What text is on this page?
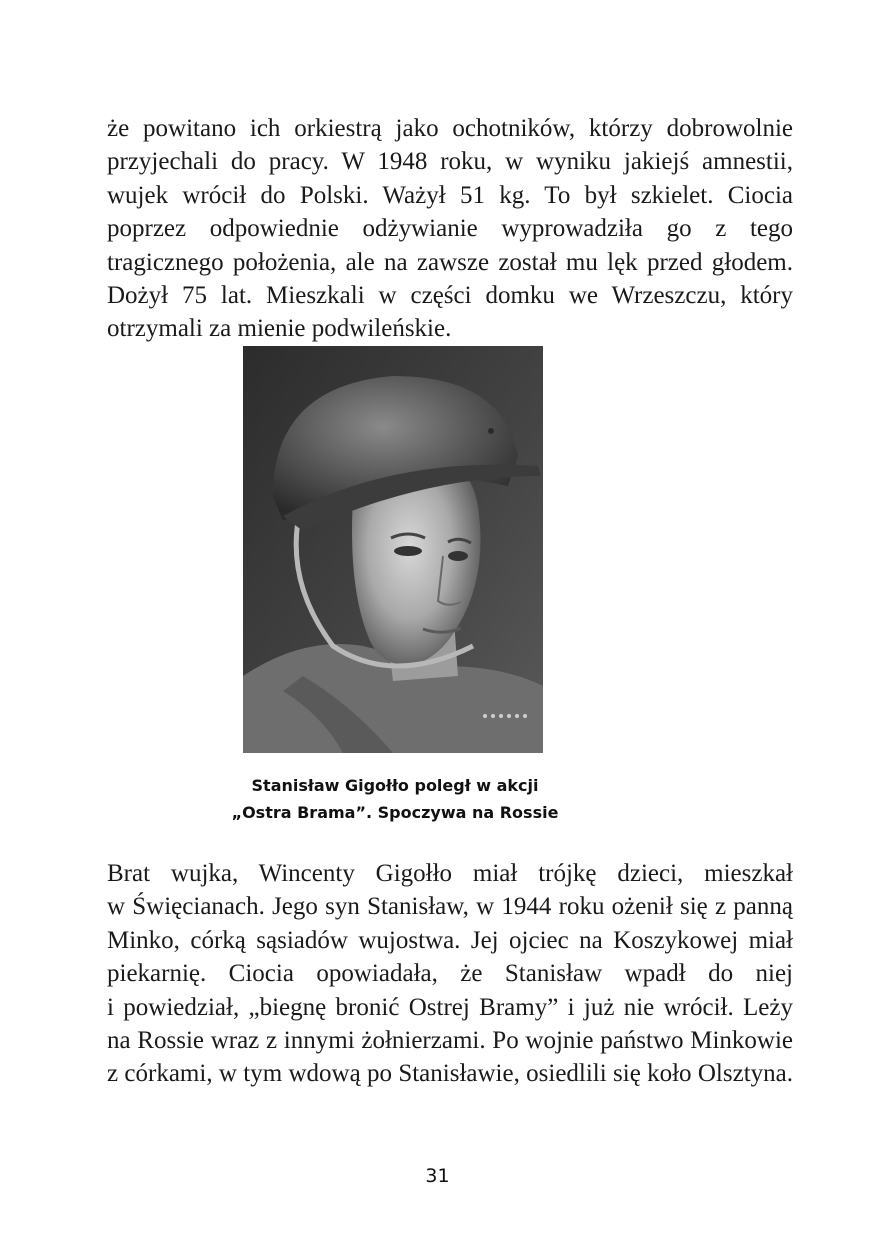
że powitano ich orkiestrą jako ochotników, którzy dobrowolnie
przyjechali do pracy. W 1948 roku, w wyniku jakiejś amnestii,
wujek wrócił do Polski. Ważył 51 kg. To był szkielet. Ciocia
poprzez odpowiednie odżywianie wyprowadziła go z tego
tragicznego położenia, ale na zawsze został mu lęk przed głodem.
Dożył 75 lat. Mieszkali w części domku we Wrzeszczu, który
otrzymali za mienie podwileńskie.

Stanisław Gigołło poległ w akcji
„Ostra Brama”. Spoczywa na Rossie

Brat wujka, Wincenty Gigołło miał trójkę dzieci, mieszkał
w Święcianach. Jego syn Stanisław, w 1944 roku ożenił się z panną
Minko, córką sąsiadów wujostwa. Jej ojciec na Koszykowej miał
piekarnię. Ciocia opowiadała, że Stanisław wpadł do niej
i powiedział, „biegnę bronić Ostrej Bramy” i już nie wrócił. Leży
na Rossie wraz z innymi żołnierzami. Po wojnie państwo Minkowie
z córkami, w tym wdową po Stanisławie, osiedlili się koło Olsztyna.

31
